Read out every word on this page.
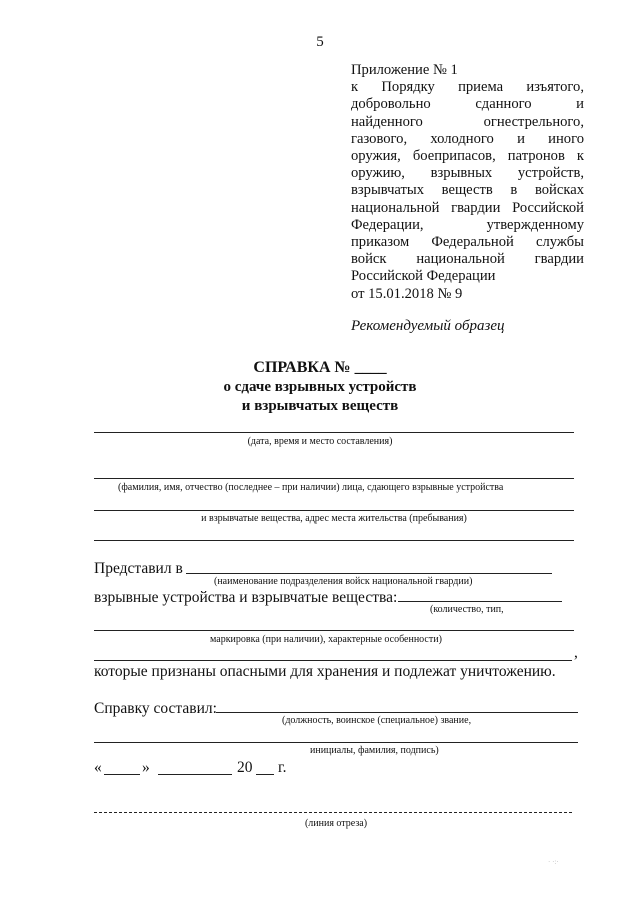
5
Приложение № 1
к Порядку приема изъятого,
добровольно сданного и
найденного огнестрельного,
газового, холодного и иного
оружия, боеприпасов, патронов к
оружию, взрывных устройств,
взрывчатых веществ в войсках
национальной гвардии Российской
Федерации, утвержденному
приказом Федеральной службы
войск национальной гвардии
Российской Федерации
от 15.01.2018 № 9
Рекомендуемый образец
СПРАВКА № ____
о сдаче взрывных устройств
и взрывчатых веществ
(дата, время и место составления)
(фамилия, имя, отчество (последнее – при наличии) лица, сдающего взрывные устройства
и взрывчатые вещества, адрес места жительства (пребывания)
Представил в
(наименование подразделения войск национальной гвардии)
взрывные устройства и взрывчатые вещества:
(количество, тип,
маркировка (при наличии), характерные особенности)
,
которые признаны опасными для хранения и подлежат уничтожению.
Справку составил:
(должность, воинское (специальное) звание,
инициалы, фамилия, подпись)
«	»	20 г.
(линия отреза)
· ·:·
